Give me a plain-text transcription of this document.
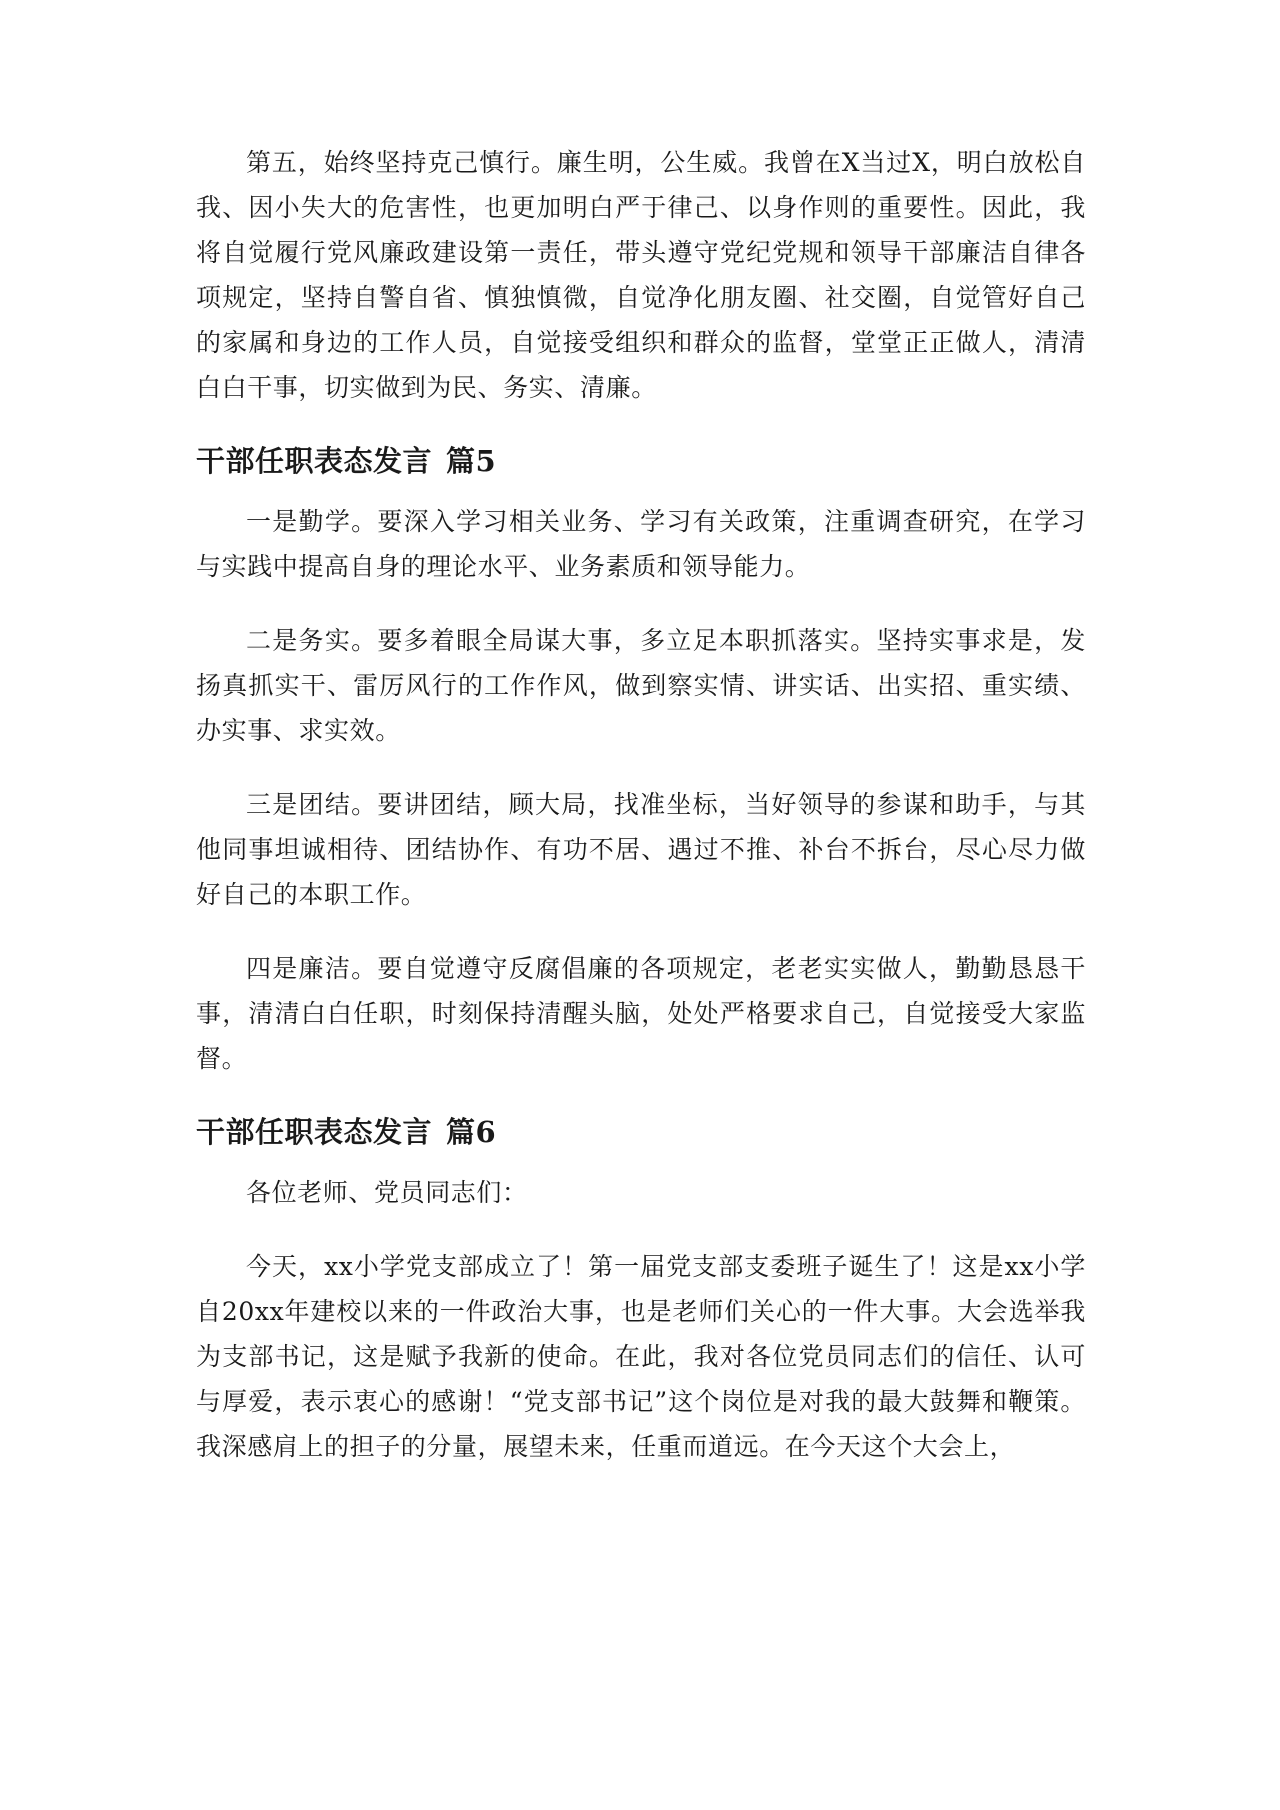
第五，始终坚持克己慎行。廉生明，公生威。我曾在X当过X，明白放松自我、因小失大的危害性，也更加明白严于律己、以身作则的重要性。因此，我将自觉履行党风廉政建设第一责任，带头遵守党纪党规和领导干部廉洁自律各项规定，坚持自警自省、慎独慎微，自觉净化朋友圈、社交圈，自觉管好自己的家属和身边的工作人员，自觉接受组织和群众的监督，堂堂正正做人，清清白白干事，切实做到为民、务实、清廉。

干部任职表态发言 篇5

一是勤学。要深入学习相关业务、学习有关政策，注重调查研究，在学习与实践中提高自身的理论水平、业务素质和领导能力。

二是务实。要多着眼全局谋大事，多立足本职抓落实。坚持实事求是，发扬真抓实干、雷厉风行的工作作风，做到察实情、讲实话、出实招、重实绩、办实事、求实效。

三是团结。要讲团结，顾大局，找准坐标，当好领导的参谋和助手，与其他同事坦诚相待、团结协作、有功不居、遇过不推、补台不拆台，尽心尽力做好自己的本职工作。

四是廉洁。要自觉遵守反腐倡廉的各项规定，老老实实做人，勤勤恳恳干事，清清白白任职，时刻保持清醒头脑，处处严格要求自己，自觉接受大家监督。

干部任职表态发言 篇6

各位老师、党员同志们：

今天，xx小学党支部成立了！第一届党支部支委班子诞生了！这是xx小学自20xx年建校以来的一件政治大事，也是老师们关心的一件大事。大会选举我为支部书记，这是赋予我新的使命。在此，我对各位党员同志们的信任、认可与厚爱，表示衷心的感谢！“党支部书记”这个岗位是对我的最大鼓舞和鞭策。我深感肩上的担子的分量，展望未来，任重而道远。在今天这个大会上，
